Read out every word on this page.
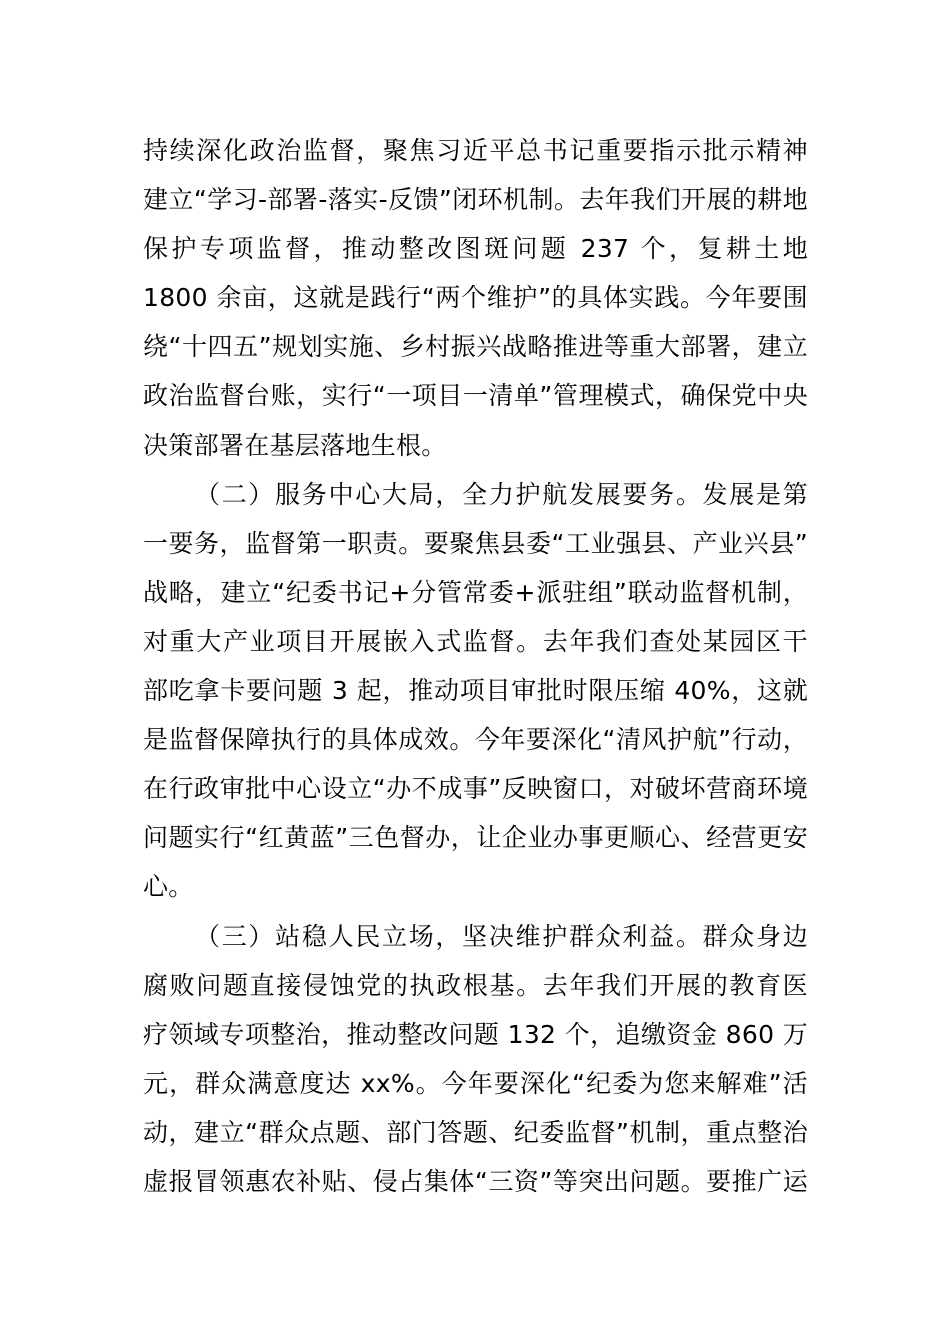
持续深化政治监督，聚焦习近平总书记重要指示批示精神
建立“学习-部署-落实-反馈”闭环机制。去年我们开展的耕地
保护专项监督，推动整改图斑问题 237 个，复耕土地
1800 余亩，这就是践行“两个维护”的具体实践。今年要围
绕“十四五”规划实施、乡村振兴战略推进等重大部署，建立
政治监督台账，实行“一项目一清单”管理模式，确保党中央
决策部署在基层落地生根。
（二）服务中心大局，全力护航发展要务。发展是第
一要务，监督第一职责。要聚焦县委“工业强县、产业兴县”
战略，建立“纪委书记+分管常委+派驻组”联动监督机制，
对重大产业项目开展嵌入式监督。去年我们查处某园区干
部吃拿卡要问题 3 起，推动项目审批时限压缩 40%，这就
是监督保障执行的具体成效。今年要深化“清风护航”行动，
在行政审批中心设立“办不成事”反映窗口，对破坏营商环境
问题实行“红黄蓝”三色督办，让企业办事更顺心、经营更安
心。
（三）站稳人民立场，坚决维护群众利益。群众身边
腐败问题直接侵蚀党的执政根基。去年我们开展的教育医
疗领域专项整治，推动整改问题 132 个，追缴资金 860 万
元，群众满意度达 xx%。今年要深化“纪委为您来解难”活
动，建立“群众点题、部门答题、纪委监督”机制，重点整治
虚报冒领惠农补贴、侵占集体“三资”等突出问题。要推广运
